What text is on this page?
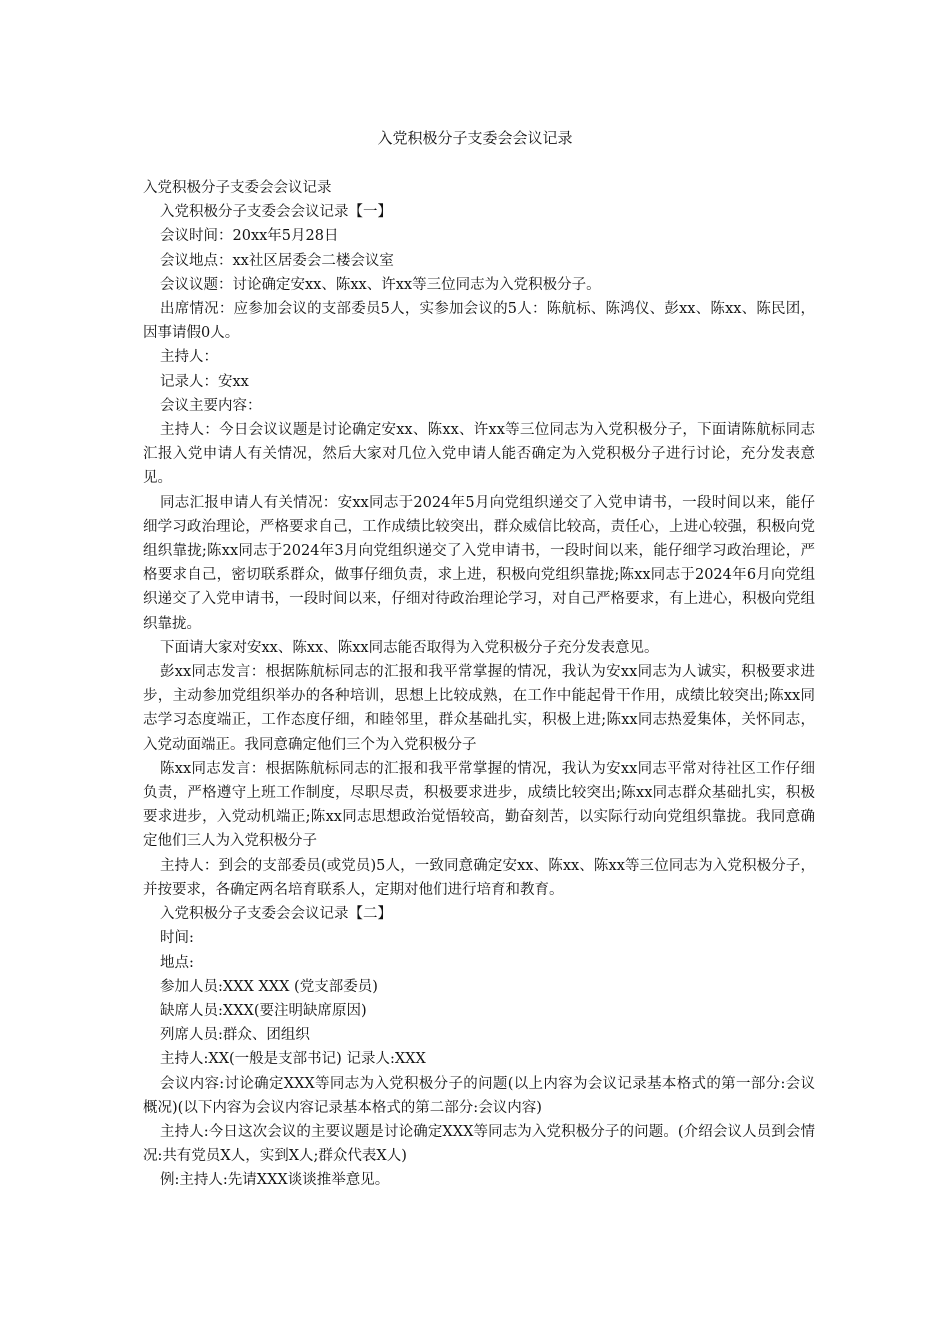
入党积极分子支委会会议记录

入党积极分子支委会会议记录

入党积极分子支委会会议记录【一】

会议时间：20xx年5月28日

会议地点：xx社区居委会二楼会议室

会议议题：讨论确定安xx、陈xx、许xx等三位同志为入党积极分子。

出席情况：应参加会议的支部委员5人，实参加会议的5人：陈航标、陈鸿仪、彭xx、陈xx、陈民团，因事请假0人。

主持人：

记录人：安xx

会议主要内容：

主持人：今日会议议题是讨论确定安xx、陈xx、许xx等三位同志为入党积极分子，下面请陈航标同志汇报入党申请人有关情况，然后大家对几位入党申请人能否确定为入党积极分子进行讨论，充分发表意见。

同志汇报申请人有关情况：安xx同志于2024年5月向党组织递交了入党申请书，一段时间以来，能仔细学习政治理论，严格要求自己，工作成绩比较突出，群众威信比较高，责任心，上进心较强，积极向党组织靠拢;陈xx同志于2024年3月向党组织递交了入党申请书，一段时间以来，能仔细学习政治理论，严格要求自己，密切联系群众，做事仔细负责，求上进，积极向党组织靠拢;陈xx同志于2024年6月向党组织递交了入党申请书，一段时间以来，仔细对待政治理论学习，对自己严格要求，有上进心，积极向党组织靠拢。

下面请大家对安xx、陈xx、陈xx同志能否取得为入党积极分子充分发表意见。

彭xx同志发言：根据陈航标同志的汇报和我平常掌握的情况，我认为安xx同志为人诚实，积极要求进步，主动参加党组织举办的各种培训，思想上比较成熟，在工作中能起骨干作用，成绩比较突出;陈xx同志学习态度端正，工作态度仔细，和睦邻里，群众基础扎实，积极上进;陈xx同志热爱集体，关怀同志，入党动面端正。我同意确定他们三个为入党积极分子

陈xx同志发言：根据陈航标同志的汇报和我平常掌握的情况，我认为安xx同志平常对待社区工作仔细负责，严格遵守上班工作制度，尽职尽责，积极要求进步，成绩比较突出;陈xx同志群众基础扎实，积极要求进步，入党动机端正;陈xx同志思想政治觉悟较高，勤奋刻苦，以实际行动向党组织靠拢。我同意确定他们三人为入党积极分子

主持人：到会的支部委员(或党员)5人，一致同意确定安xx、陈xx、陈xx等三位同志为入党积极分子，并按要求，各确定两名培育联系人，定期对他们进行培育和教育。

入党积极分子支委会会议记录【二】

时间:

地点:

参加人员:XXX XXX (党支部委员)

缺席人员:XXX(要注明缺席原因)

列席人员:群众、团组织

主持人:XX(一般是支部书记) 记录人:XXX

会议内容:讨论确定XXX等同志为入党积极分子的问题(以上内容为会议记录基本格式的第一部分:会议概况)(以下内容为会议内容记录基本格式的第二部分:会议内容)

主持人:今日这次会议的主要议题是讨论确定XXX等同志为入党积极分子的问题。(介绍会议人员到会情况:共有党员X人，实到X人;群众代表X人)

例:主持人:先请XXX谈谈推举意见。
